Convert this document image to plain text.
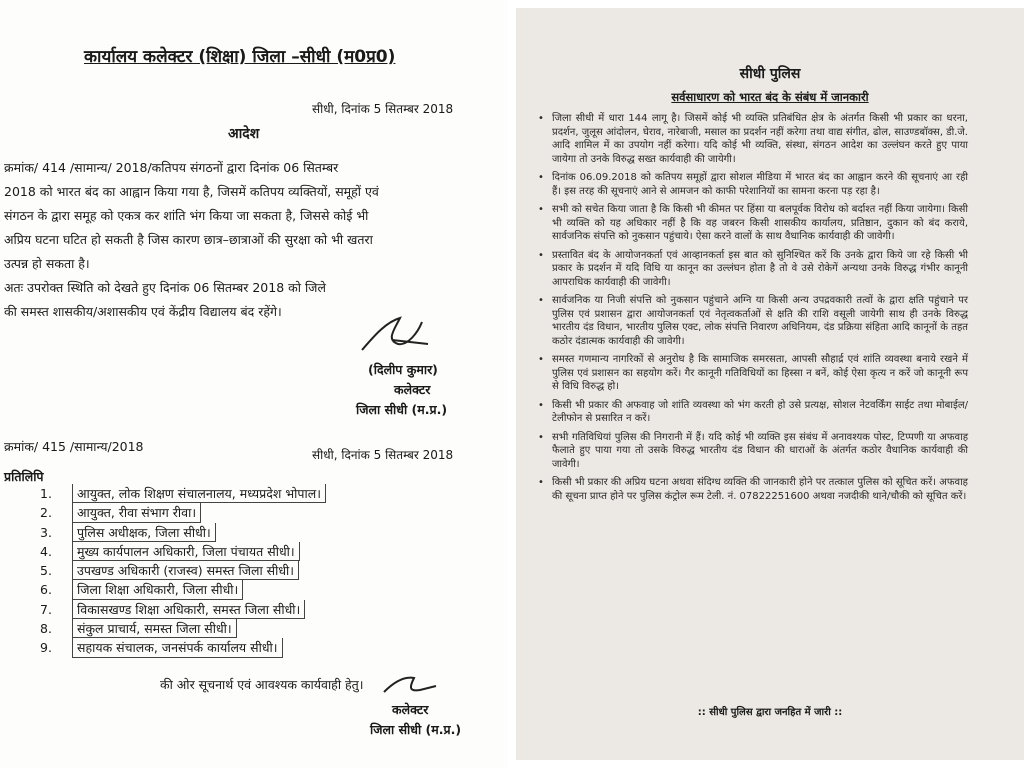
कार्यालय कलेक्टर (शिक्षा) जिला –सीधी (म0प्र0)
सीधी, दिनांक 5 सितम्बर 2018
आदेश

क्रमांक/ 414 /सामान्य/ 2018/कतिपय संगठनों द्वारा दिनांक 06 सितम्बर

2018 को भारत बंद का आह्वान किया गया है, जिसमें कतिपय व्यक्तियों, समूहों एवं

संगठन के द्वारा समूह को एकत्र कर शांति भंग किया जा सकता है, जिससे कोई भी

अप्रिय घटना घटित हो सकती है जिस कारण छात्र–छात्राओं की सुरक्षा को भी खतरा

उत्पन्न हो सकता है।

अतः उपरोक्त स्थिति को देखते हुए दिनांक 06 सितम्बर 2018 को जिले

की समस्त शासकीय/अशासकीय एवं केंद्रीय विद्यालय बंद रहेंगे।

(दिलीप कुमार)
कलेक्टर
जिला सीधी (म.प्र.)
क्रमांक/ 415 /सामान्य/2018
सीधी, दिनांक 5 सितम्बर 2018
प्रतिलिपि
1.	आयुक्त, लोक शिक्षण संचालनालय, मध्यप्रदेश भोपाल।
2.	आयुक्त, रीवा संभाग रीवा।
3.	पुलिस अधीक्षक, जिला सीधी।
4.	मुख्य कार्यपालन अधिकारी, जिला पंचायत सीधी।
5.	उपखण्ड अधिकारी (राजस्व) समस्त जिला सीधी।
6.	जिला शिक्षा अधिकारी, जिला सीधी।
7.	विकासखण्ड शिक्षा अधिकारी, समस्त जिला सीधी।
8.	संकुल प्राचार्य, समस्त जिला सीधी।
9.	सहायक संचालक, जनसंपर्क कार्यालय सीधी।
की ओर सूचनार्थ एवं आवश्यक कार्यवाही हेतु।
कलेक्टर
जिला सीधी (म.प्र.)
सीधी पुलिस
सर्वसाधारण को भारत बंद के संबंध में जानकारी
• जिला सीधी में धारा 144 लागू है। जिसमें कोई भी व्यक्ति प्रतिबंधित क्षेत्र के अंतर्गत किसी भी प्रकार का धरना, प्रदर्शन, जुलूस आंदोलन, घेराव, नारेबाजी, मसाल का प्रदर्शन नहीं करेगा तथा वाद्य संगीत, ढोल, साउण्डबॉक्स, डी.जे. आदि शामिल में का उपयोग नहीं करेगा। यदि कोई भी व्यक्ति, संस्था, संगठन आदेश का उल्लंघन करते हुए पाया जायेगा तो उनके विरुद्ध सख्त कार्यवाही की जायेगी।
• दिनांक 06.09.2018 को कतिपय समूहों द्वारा सोशल मीडिया में भारत बंद का आह्वान करने की सूचनाएं आ रही हैं। इस तरह की सूचनाएं आने से आमजन को काफी परेशानियों का सामना करना पड़ रहा है।
• सभी को सचेत किया जाता है कि किसी भी कीमत पर हिंसा या बलपूर्वक विरोध को बर्दाश्त नहीं किया जायेगा। किसी भी व्यक्ति को यह अधिकार नहीं है कि वह जबरन किसी शासकीय कार्यालय, प्रतिष्ठान, दुकान को बंद कराये, सार्वजनिक संपत्ति को नुकसान पहुंचाये। ऐसा करने वालों के साथ वैधानिक कार्यवाही की जावेगी।
• प्रस्तावित बंद के आयोजनकर्ता एवं आव्हानकर्ता इस बात को सुनिश्चित करें कि उनके द्वारा किये जा रहे किसी भी प्रकार के प्रदर्शन में यदि विधि या कानून का उल्लंघन होता है तो वे उसे रोकेगें अन्यथा उनके विरुद्ध गंभीर कानूनी आपराधिक कार्यवाही की जावेगी।
• सार्वजनिक या निजी संपत्ति को नुकसान पहुंचाने अग्नि या किसी अन्य उपद्रवकारी तत्वों के द्वारा क्षति पहुंचाने पर पुलिस एवं प्रशासन द्वारा आयोजनकर्ता एवं नेतृत्वकर्ताओं से क्षति की राशि वसूली जायेगी साथ ही उनके विरुद्ध भारतीय दंड विधान, भारतीय पुलिस एक्ट, लोक संपत्ति निवारण अधिनियम, दंड प्रक्रिया संहिता आदि कानूनों के तहत कठोर दंडात्मक कार्यवाही की जावेगी।
• समस्त गणमान्य नागरिकों से अनुरोध है कि सामाजिक समरसता, आपसी सौहार्द्र एवं शांति व्यवस्था बनाये रखने में पुलिस एवं प्रशासन का सहयोग करें। गैर कानूनी गतिविधियों का हिस्सा न बनें, कोई ऐसा कृत्य न करें जो कानूनी रूप से विधि विरुद्ध हो।
• किसी भी प्रकार की अफवाह जो शांति व्यवस्था को भंग करती हो उसे प्रत्यक्ष, सोशल नेटवर्किंग साईट तथा मोबाईल/टेलीफोन से प्रसारित न करें।
• सभी गतिविधियां पुलिस की निगरानी में हैं। यदि कोई भी व्यक्ति इस संबंध में अनावश्यक पोस्ट, टिप्पणी या अफवाह फैलाते हुए पाया गया तो उसके विरुद्ध भारतीय दंड विधान की धाराओं के अंतर्गत कठोर वैधानिक कार्यवाही की जावेगी।
• किसी भी प्रकार की अप्रिय घटना अथवा संदिग्ध व्यक्ति की जानकारी होने पर तत्काल पुलिस को सूचित करें। अफवाह की सूचना प्राप्त होने पर पुलिस कंट्रोल रूम टेली. नं. 07822251600 अथवा नजदीकी थाने/चौकी को सूचित करें।
:: सीधी पुलिस द्वारा जनहित में जारी ::
